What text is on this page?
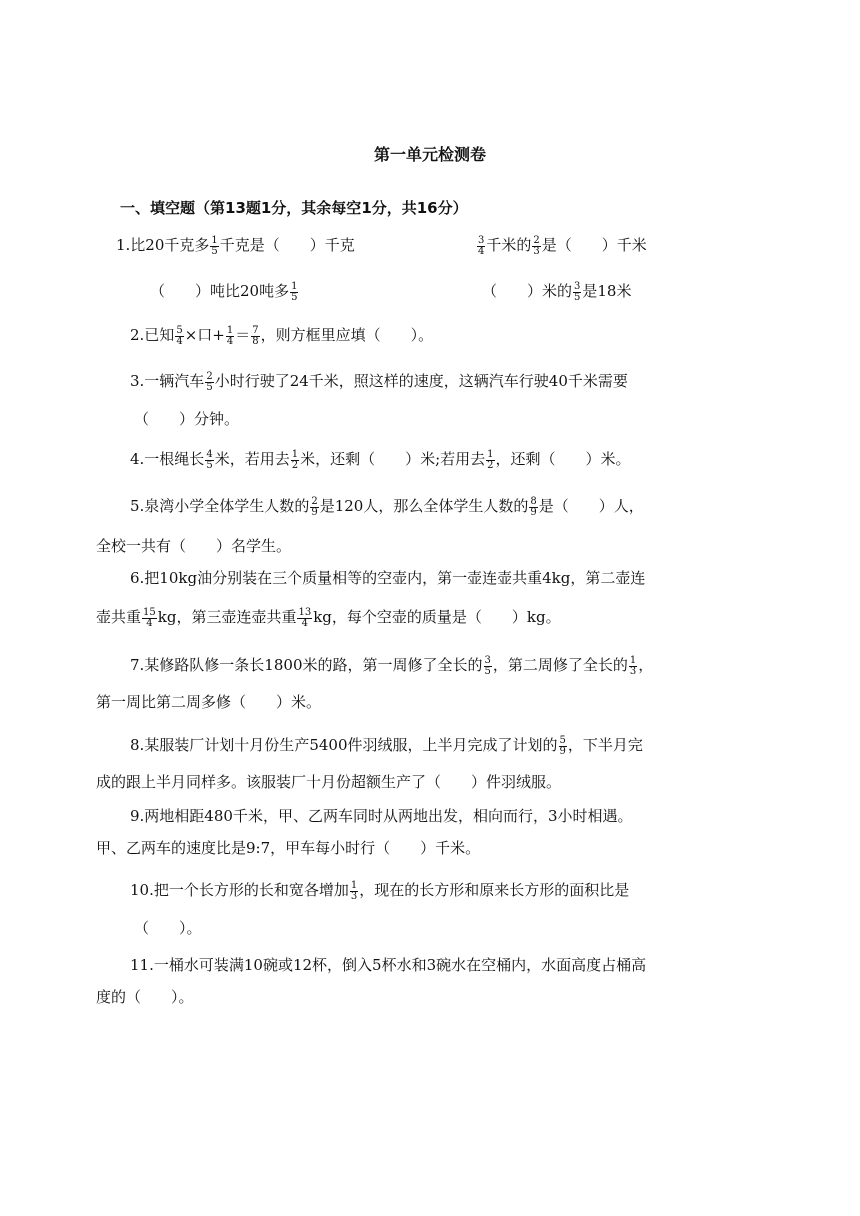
第一单元检测卷
一、填空题（第13题1分，其余每空1分，共16分）
1.比20千克多 $\frac{1}{5}$ 千克是（　　）千克	$\frac{3}{4}$ 千米的 $\frac{2}{3}$ 是（　　）千米
（　　）吨比20吨多 $\frac{1}{5}$	（　　）米的 $\frac{3}{5}$ 是18米
2.已知 $\frac{5}{4}$ ×口+ $\frac{1}{4} = \frac{7}{8}$ ，则方框里应填（　　）。
3.一辆汽车 $\frac{2}{5}$ 小时行驶了24千米，照这样的速度，这辆汽车行驶40千米需要
（　　）分钟。
4.一根绳长 $\frac{4}{5}$ 米，若用去 $\frac{1}{2}$ 米，还剩（　　）米;若用去 $\frac{1}{2}$ ，还剩（　　）米。
5.泉湾小学全体学生人数的 $\frac{2}{9}$ 是120人，那么全体学生人数的 $\frac{8}{9}$ 是（　　）人，
全校一共有（　　）名学生。
6.把10kg油分别装在三个质量相等的空壶内，第一壶连壶共重4kg，第二壶连
壶共重 $\frac{15}{4}$ kg，第三壶连壶共重 $\frac{13}{4}$ kg，每个空壶的质量是（　　）kg。
7.某修路队修一条长1800米的路，第一周修了全长的 $\frac{3}{5}$ ，第二周修了全长的 $\frac{1}{3}$ ，
第一周比第二周多修（　　）米。
8.某服装厂计划十月份生产5400件羽绒服，上半月完成了计划的 $\frac{5}{9}$ ，下半月完
成的跟上半月同样多。该服装厂十月份超额生产了（　　）件羽绒服。
9.两地相距480千米，甲、乙两车同时从两地出发，相向而行，3小时相遇。
甲、乙两车的速度比是9:7，甲车每小时行（　　）千米。
10.把一个长方形的长和宽各增加 $\frac{1}{3}$ ，现在的长方形和原来长方形的面积比是
（　　）。
11.一桶水可装满10碗或12杯，倒入5杯水和3碗水在空桶内，水面高度占桶高
度的（　　）。
